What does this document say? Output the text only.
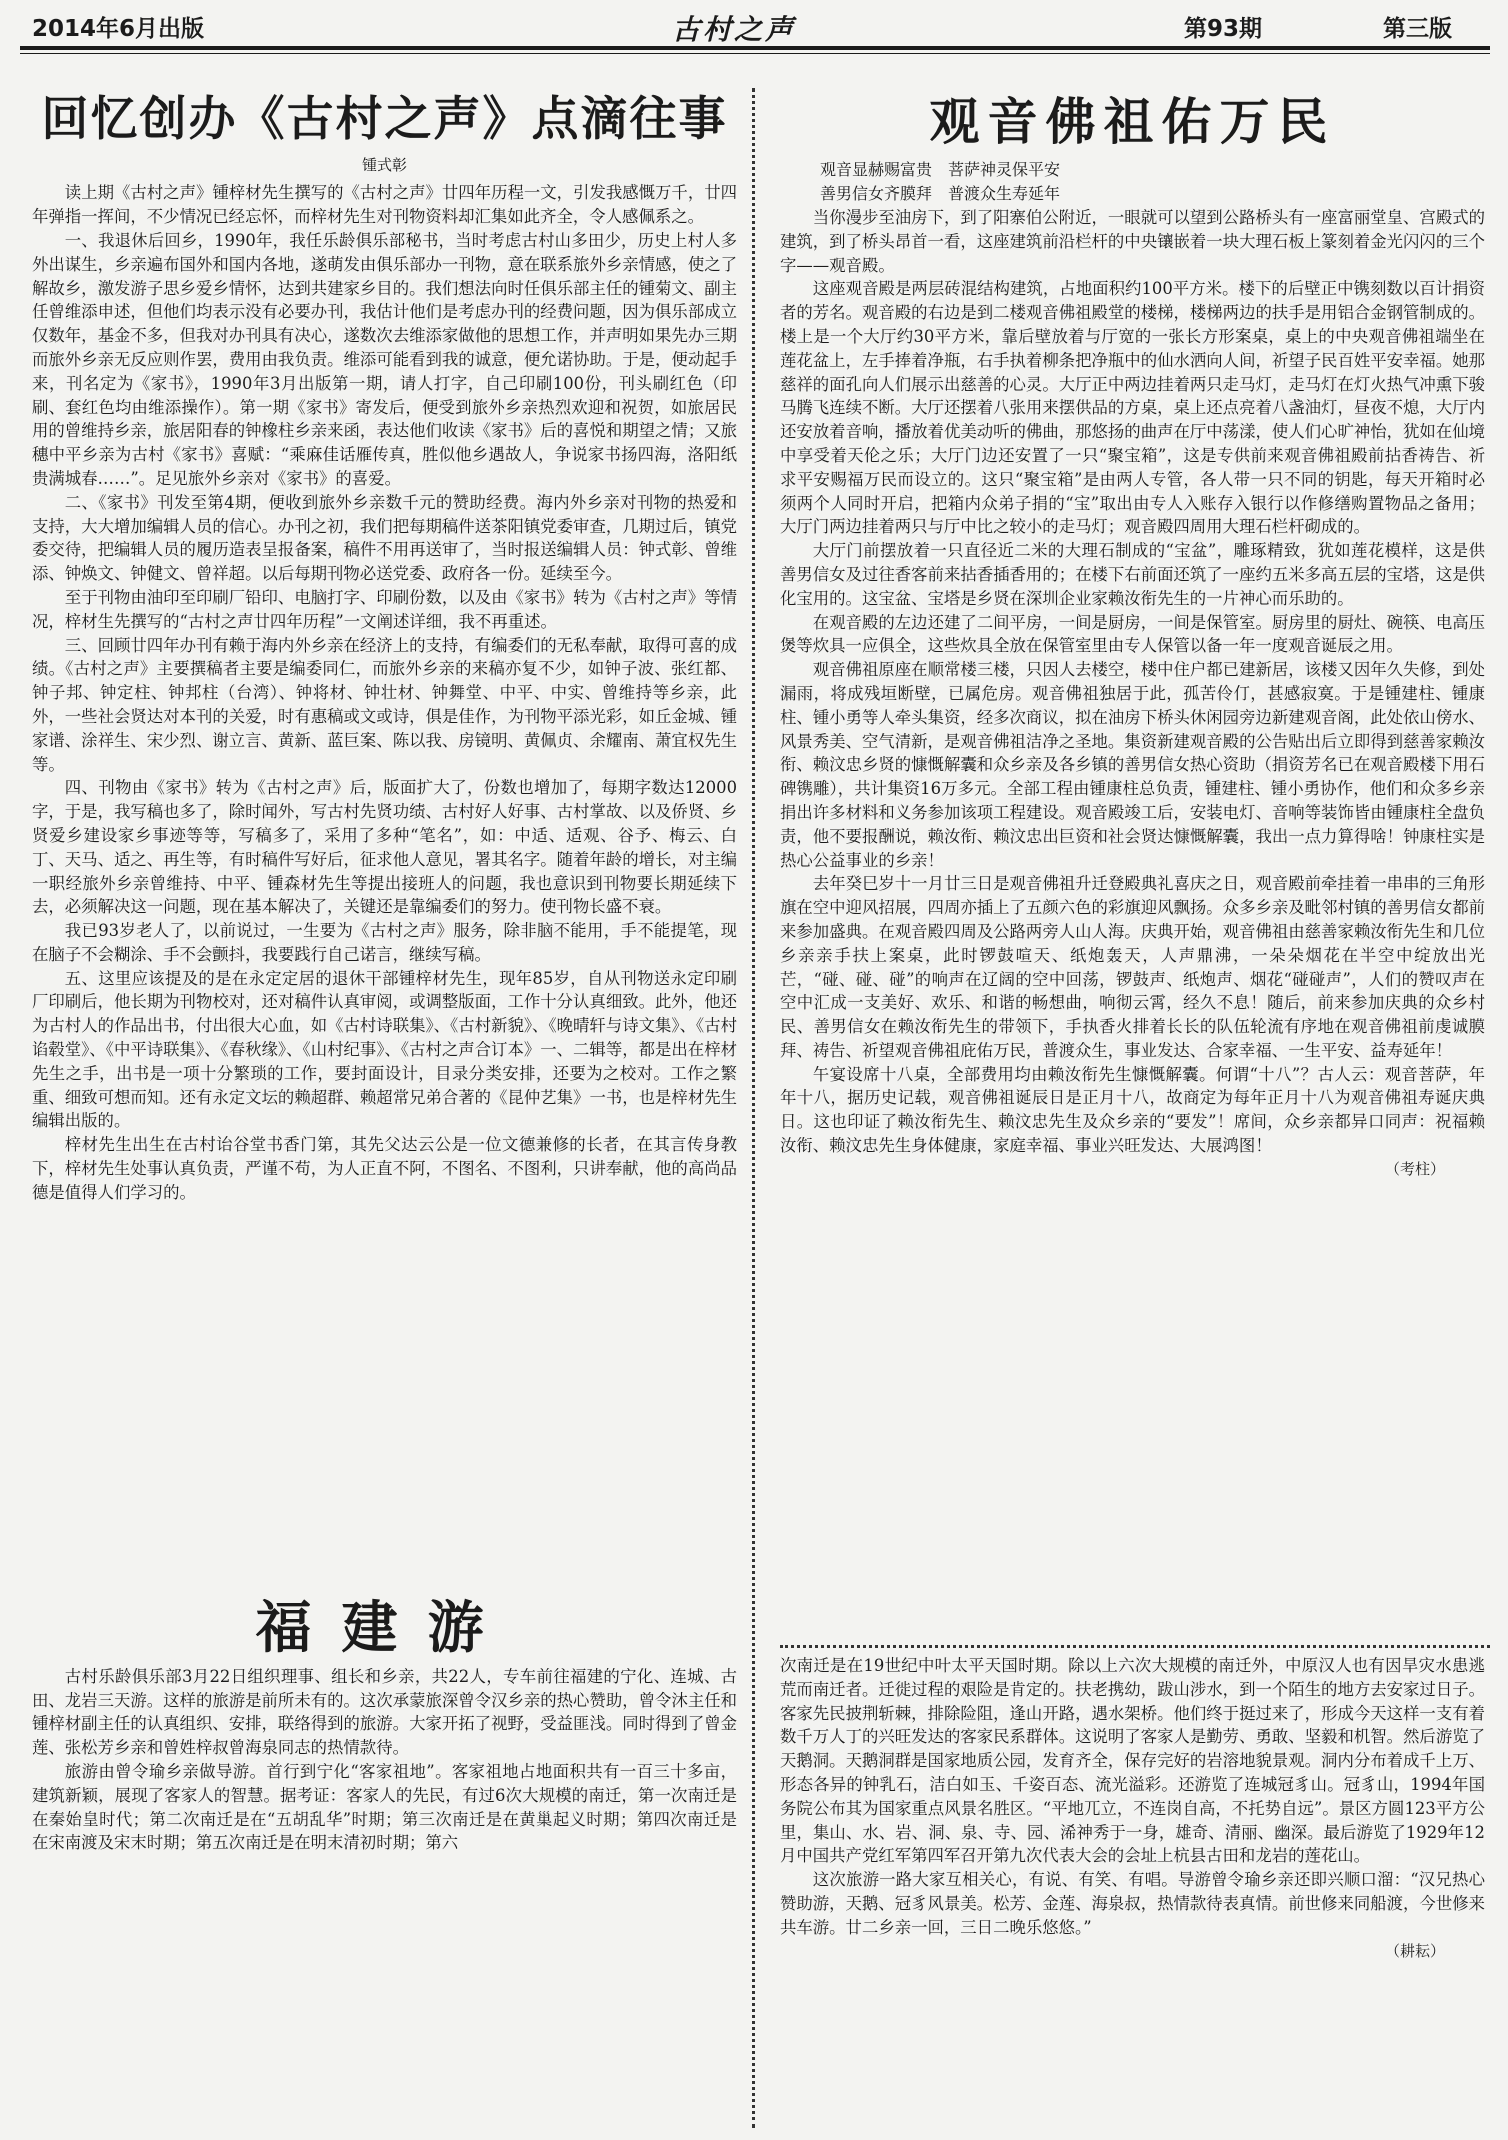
2014年6月出版	古村之声	第93期	第三版
回忆创办《古村之声》点滴往事
锺式彰

读上期《古村之声》锺梓材先生撰写的《古村之声》廿四年历程一文，引发我感慨万千，廿四年弹指一挥间，不少情况已经忘怀，而梓材先生对刊物资料却汇集如此齐全，令人感佩系之。

一、我退休后回乡，1990年，我任乐龄俱乐部秘书，当时考虑古村山多田少，历史上村人多外出谋生，乡亲遍布国外和国内各地，遂萌发由俱乐部办一刊物，意在联系旅外乡亲情感，使之了解故乡，激发游子思乡爱乡情怀，达到共建家乡目的。我们想法向时任俱乐部主任的锺菊文、副主任曾维添申述，但他们均表示没有必要办刊，我估计他们是考虑办刊的经费问题，因为俱乐部成立仅数年，基金不多，但我对办刊具有决心，遂数次去维添家做他的思想工作，并声明如果先办三期而旅外乡亲无反应则作罢，费用由我负责。维添可能看到我的诚意，便允诺协助。于是，便动起手来，刊名定为《家书》，1990年3月出版第一期，请人打字，自己印刷100份，刊头刷红色（印刷、套红色均由维添操作）。第一期《家书》寄发后，便受到旅外乡亲热烈欢迎和祝贺，如旅居民用的曾维持乡亲，旅居阳春的钟橡柱乡亲来函，表达他们收读《家书》后的喜悦和期望之情；又旅穗中平乡亲为古村《家书》喜赋：“乘麻佳话雁传真，胜似他乡遇故人，争说家书扬四海，洛阳纸贵满城春……”。足见旅外乡亲对《家书》的喜爱。

二、《家书》刊发至第4期，便收到旅外乡亲数千元的赞助经费。海内外乡亲对刊物的热爱和支持，大大增加编辑人员的信心。办刊之初，我们把每期稿件送茶阳镇党委审查，几期过后，镇党委交待，把编辑人员的履历造表呈报备案，稿件不用再送审了，当时报送编辑人员：钟式彰、曾维添、钟焕文、钟健文、曾祥超。以后每期刊物必送党委、政府各一份。延续至今。

至于刊物由油印至印刷厂铅印、电脑打字、印刷份数，以及由《家书》转为《古村之声》等情况，梓材生先撰写的“古村之声廿四年历程”一文阐述详细，我不再重述。

三、回顾廿四年办刊有赖于海内外乡亲在经济上的支持，有编委们的无私奉献，取得可喜的成绩。《古村之声》主要撰稿者主要是编委同仁，而旅外乡亲的来稿亦复不少，如钟子波、张红都、钟子邦、钟定柱、钟邦柱（台湾）、钟将材、钟壮材、钟舞堂、中平、中实、曾维持等乡亲，此外，一些社会贤达对本刊的关爱，时有惠稿或文或诗，俱是佳作，为刊物平添光彩，如丘金城、锺家谱、涂祥生、宋少烈、谢立言、黄新、蓝巨案、陈以我、房镜明、黄佩贞、余耀南、萧宜权先生等。

四、刊物由《家书》转为《古村之声》后，版面扩大了，份数也增加了，每期字数达12000字，于是，我写稿也多了，除时闻外，写古村先贤功绩、古村好人好事、古村掌故、以及侨贤、乡贤爱乡建设家乡事迹等等，写稿多了，采用了多种“笔名”，如：中适、适观、谷予、梅云、白丁、天马、适之、再生等，有时稿件写好后，征求他人意见，署其名字。随着年龄的增长，对主编一职经旅外乡亲曾维持、中平、锺森材先生等提出接班人的问题，我也意识到刊物要长期延续下去，必须解决这一问题，现在基本解决了，关键还是靠编委们的努力。使刊物长盛不衰。

我已93岁老人了，以前说过，一生要为《古村之声》服务，除非脑不能用，手不能提笔，现在脑子不会糊涂、手不会颤抖，我要践行自己诺言，继续写稿。

五、这里应该提及的是在永定定居的退休干部锺梓材先生，现年85岁，自从刊物送永定印刷厂印刷后，他长期为刊物校对，还对稿件认真审阅，或调整版面，工作十分认真细致。此外，他还为古村人的作品出书，付出很大心血，如《古村诗联集》、《古村新貌》、《晚晴轩与诗文集》、《古村谄毂堂》、《中平诗联集》、《春秋缘》、《山村纪事》、《古村之声合订本》一、二辑等，都是出在梓材先生之手，出书是一项十分繁琐的工作，要封面设计，目录分类安排，还要为之校对。工作之繁重、细致可想而知。还有永定文坛的赖超群、赖超常兄弟合著的《昆仲艺集》一书，也是梓材先生编辑出版的。

梓材先生出生在古村诒谷堂书香门第，其先父达云公是一位文德兼修的长者，在其言传身教下，梓材先生处事认真负责，严谨不苟，为人正直不阿，不图名、不图利，只讲奉献，他的高尚品德是值得人们学习的。

福建游

古村乐龄俱乐部3月22日组织理事、组长和乡亲，共22人，专车前往福建的宁化、连城、古田、龙岩三天游。这样的旅游是前所未有的。这次承蒙旅深曾令汉乡亲的热心赞助，曾令沐主任和锺梓材副主任的认真组织、安排，联络得到的旅游。大家开拓了视野，受益匪浅。同时得到了曾金莲、张松芳乡亲和曾姓梓叔曾海泉同志的热情款待。

旅游由曾令瑜乡亲做导游。首行到宁化“客家祖地”。客家祖地占地面积共有一百三十多亩，建筑新颖，展现了客家人的智慧。据考证：客家人的先民，有过6次大规模的南迁，第一次南迁是在秦始皇时代；第二次南迁是在“五胡乱华”时期；第三次南迁是在黄巢起义时期；第四次南迁是在宋南渡及宋末时期；第五次南迁是在明末清初时期；第六

观音佛祖佑万民

观音显赫赐富贵　菩萨神灵保平安

善男信女齐膜拜　普渡众生寿延年

当你漫步至油房下，到了阳寨伯公附近，一眼就可以望到公路桥头有一座富丽堂皇、宫殿式的建筑，到了桥头昂首一看，这座建筑前沿栏杆的中央镶嵌着一块大理石板上篆刻着金光闪闪的三个字——观音殿。

这座观音殿是两层砖混结构建筑，占地面积约100平方米。楼下的后壁正中镌刻数以百计捐资者的芳名。观音殿的右边是到二楼观音佛祖殿堂的楼梯，楼梯两边的扶手是用铝合金钢管制成的。楼上是一个大厅约30平方米，靠后壁放着与厅宽的一张长方形案桌，桌上的中央观音佛祖端坐在莲花盆上，左手捧着净瓶，右手执着柳条把净瓶中的仙水洒向人间，祈望子民百姓平安幸福。她那慈祥的面孔向人们展示出慈善的心灵。大厅正中两边挂着两只走马灯，走马灯在灯火热气冲熏下骏马腾飞连续不断。大厅还摆着八张用来摆供品的方桌，桌上还点亮着八盏油灯，昼夜不熄，大厅内还安放着音响，播放着优美动听的佛曲，那悠扬的曲声在厅中荡漾，使人们心旷神怡，犹如在仙境中享受着天伦之乐；大厅门边还安置了一只“聚宝箱”，这是专供前来观音佛祖殿前拈香祷告、祈求平安赐福万民而设立的。这只“聚宝箱”是由两人专管，各人带一只不同的钥匙，每天开箱时必须两个人同时开启，把箱内众弟子捐的“宝”取出由专人入账存入银行以作修缮购置物品之备用；大厅门两边挂着两只与厅中比之较小的走马灯；观音殿四周用大理石栏杆砌成的。

大厅门前摆放着一只直径近二米的大理石制成的“宝盆”，雕琢精致，犹如莲花模样，这是供善男信女及过往香客前来拈香插香用的；在楼下右前面还筑了一座约五米多高五层的宝塔，这是供化宝用的。这宝盆、宝塔是乡贤在深圳企业家赖汝衔先生的一片神心而乐助的。

在观音殿的左边还建了二间平房，一间是厨房，一间是保管室。厨房里的厨灶、碗筷、电高压煲等炊具一应俱全，这些炊具全放在保管室里由专人保管以备一年一度观音诞辰之用。

观音佛祖原座在顺常楼三楼，只因人去楼空，楼中住户都已建新居，该楼又因年久失修，到处漏雨，将成残垣断壁，已属危房。观音佛祖独居于此，孤苦伶仃，甚感寂寞。于是锺建柱、锺康柱、锺小勇等人牵头集资，经多次商议，拟在油房下桥头休闲园旁边新建观音阁，此处依山傍水、风景秀美、空气清新，是观音佛祖洁净之圣地。集资新建观音殿的公告贴出后立即得到慈善家赖汝衔、赖汶忠乡贤的慷慨解囊和众乡亲及各乡镇的善男信女热心资助（捐资芳名已在观音殿楼下用石碑镌雕），共计集资16万多元。全部工程由锺康柱总负责，锺建柱、锺小勇协作，他们和众多乡亲捐出许多材料和义务参加该项工程建设。观音殿竣工后，安装电灯、音响等装饰皆由锺康柱全盘负责，他不要报酬说，赖汝衔、赖汶忠出巨资和社会贤达慷慨解囊，我出一点力算得啥！钟康柱实是热心公益事业的乡亲！

去年癸巳岁十一月廿三日是观音佛祖升迁登殿典礼喜庆之日，观音殿前牵挂着一串串的三角形旗在空中迎风招展，四周亦插上了五颜六色的彩旗迎风飘扬。众多乡亲及毗邻村镇的善男信女都前来参加盛典。在观音殿四周及公路两旁人山人海。庆典开始，观音佛祖由慈善家赖汝衔先生和几位乡亲亲手扶上案桌，此时锣鼓喧天、纸炮轰天，人声鼎沸，一朵朵烟花在半空中绽放出光芒，“碰、碰、碰”的响声在辽阔的空中回荡，锣鼓声、纸炮声、烟花“碰碰声”，人们的赞叹声在空中汇成一支美好、欢乐、和谐的畅想曲，响彻云霄，经久不息！随后，前来参加庆典的众乡村民、善男信女在赖汝衔先生的带领下，手执香火排着长长的队伍轮流有序地在观音佛祖前虔诚膜拜、祷告、祈望观音佛祖庇佑万民，普渡众生，事业发达、合家幸福、一生平安、益寿延年！

午宴设席十八桌，全部费用均由赖汝衔先生慷慨解囊。何谓“十八”？古人云：观音菩萨，年年十八，据历史记载，观音佛祖诞辰日是正月十八，故商定为每年正月十八为观音佛祖寿诞庆典日。这也印证了赖汝衔先生、赖汶忠先生及众乡亲的“要发”！席间，众乡亲都异口同声：祝福赖汝衔、赖汶忠先生身体健康，家庭幸福、事业兴旺发达、大展鸿图！

（考柱）

次南迁是在19世纪中叶太平天国时期。除以上六次大规模的南迁外，中原汉人也有因旱灾水患逃荒而南迁者。迁徙过程的艰险是肯定的。扶老携幼，跋山涉水，到一个陌生的地方去安家过日子。客家先民披荆斩棘，排除险阻，逢山开路，遇水架桥。他们终于挺过来了，形成今天这样一支有着数千万人丁的兴旺发达的客家民系群体。这说明了客家人是勤劳、勇敢、坚毅和机智。然后游览了天鹅洞。天鹅洞群是国家地质公园，发育齐全，保存完好的岩溶地貌景观。洞内分布着成千上万、形态各异的钟乳石，洁白如玉、千姿百态、流光溢彩。还游览了连城冠豸山。冠豸山，1994年国务院公布其为国家重点风景名胜区。“平地兀立，不连岗自高，不托势自远”。景区方圆123平方公里，集山、水、岩、洞、泉、寺、园、浠神秀于一身，雄奇、清丽、幽深。最后游览了1929年12月中国共产党红军第四军召开第九次代表大会的会址上杭县古田和龙岩的莲花山。

这次旅游一路大家互相关心，有说、有笑、有唱。导游曾令瑜乡亲还即兴顺口溜：“汉兄热心赞助游，天鹅、冠豸风景美。松芳、金莲、海泉叔，热情款待表真情。前世修来同船渡，今世修来共车游。廿二乡亲一回，三日二晚乐悠悠。”

（耕耘）
